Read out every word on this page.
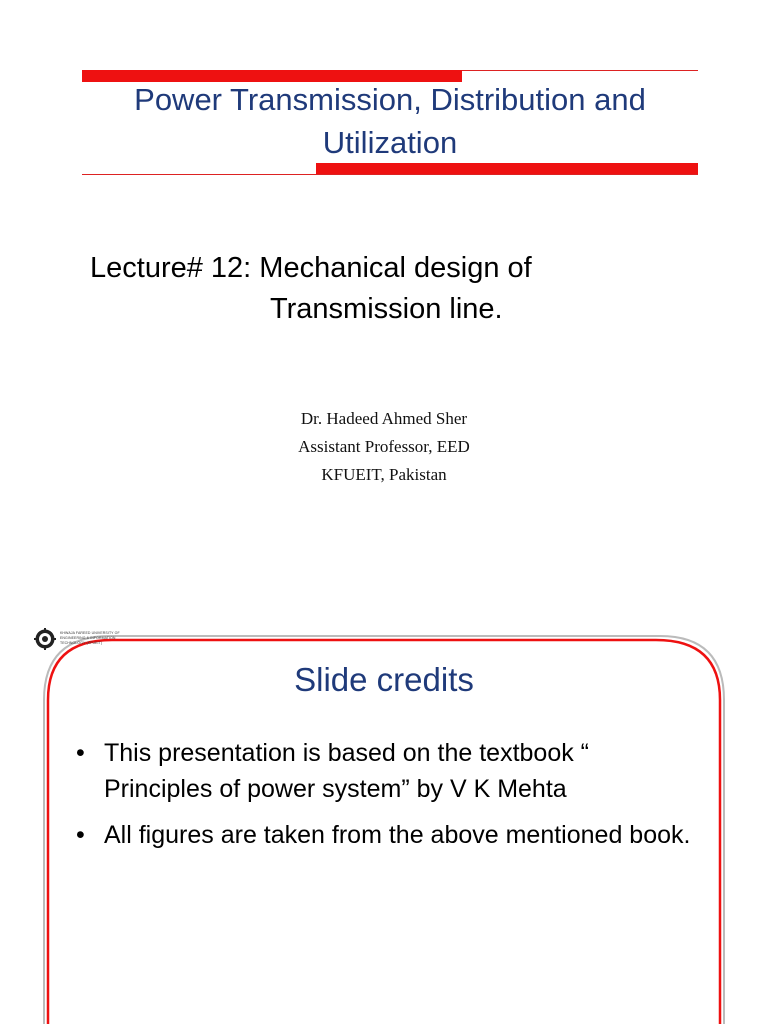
Power Transmission, Distribution and Utilization

Lecture# 12: Mechanical design of
Transmission line.

Dr. Hadeed Ahmed Sher
Assistant Professor, EED
KFUEIT, Pakistan
KHWAJA FAREED UNIVERSITY OF
ENGINEERING & INFORMATION
TECHNOLOGY (KFUEIT)
Slide credits
• This presentation is based on the textbook “ Principles of power system” by V K Mehta
• All figures are taken from the above mentioned book.
